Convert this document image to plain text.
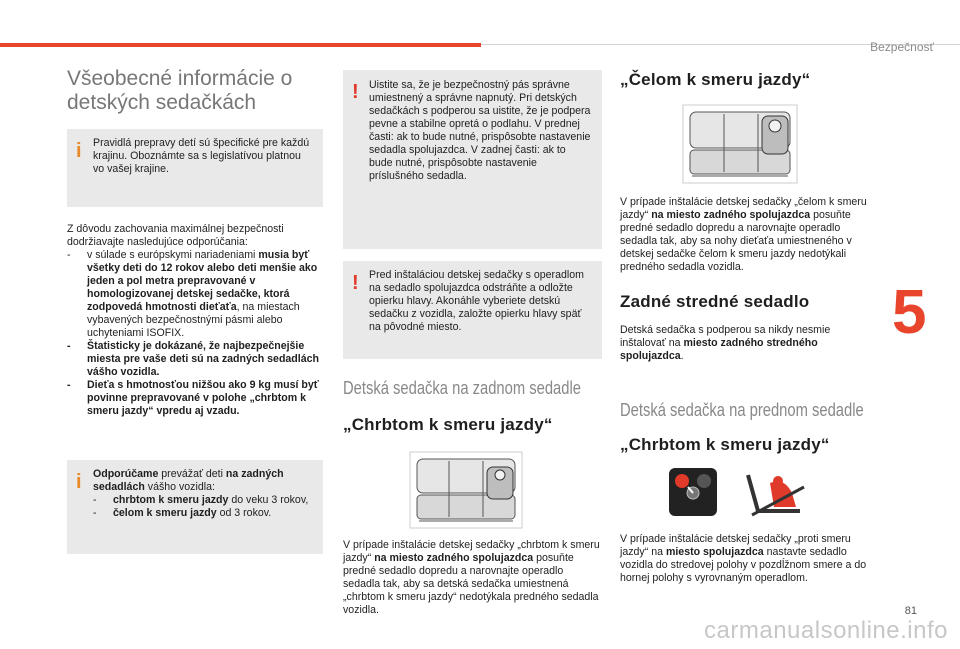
Bezpečnosť
5
81
carmanualsonline.info
Všeobecné informácie o
detských sedačkách
i	Pravidlá prepravy detí sú špecifické pre každú krajinu. Oboznámte sa s legislatívou platnou vo vašej krajine.

Z dôvodu zachovania maximálnej bezpečnosti dodržiavajte nasledujúce odporúčania:

- v súlade s európskymi nariadeniami musia byť všetky deti do 12 rokov alebo deti menšie ako jeden a pol metra prepravované v homologizovanej detskej sedačke, ktorá zodpovedá hmotnosti dieťaťa, na miestach vybavených bezpečnostnými pásmi alebo uchyteniami ISOFIX.
- Štatisticky je dokázané, že najbezpečnejšie miesta pre vaše deti sú na zadných sedadlách vášho vozidla.
- Dieťa s hmotnosťou nižšou ako 9 kg musí byť povinne prepravované v polohe „chrbtom k smeru jazdy“ vpredu aj vzadu.
i	Odporúčame prevážať deti na zadných sedadlách vášho vozidla:
- chrbtom k smeru jazdy do veku 3 rokov,
- čelom k smeru jazdy od 3 rokov.
! Uistite sa, že je bezpečnostný pás správne umiestnený a správne napnutý. Pri detských sedačkách s podperou sa uistite, že je podpera pevne a stabilne opretá o podlahu. V prednej časti: ak to bude nutné, prispôsobte nastavenie sedadla spolujazdca. V zadnej časti: ak to bude nutné, prispôsobte nastavenie príslušného sedadla.
! Pred inštaláciou detskej sedačky s operadlom na sedadlo spolujazdca odstráňte a odložte opierku hlavy. Akonáhle vyberiete detskú sedačku z vozidla, založte opierku hlavy späť na pôvodné miesto.
Detská sedačka na zadnom sedadle
„Chrbtom k smeru jazdy“

V prípade inštalácie detskej sedačky „chrbtom k smeru jazdy“ na miesto zadného spolujazdca posuňte predné sedadlo dopredu a narovnajte operadlo sedadla tak, aby sa detská sedačka umiestnená „chrbtom k smeru jazdy“ nedotýkala predného sedadla vozidla.

„Čelom k smeru jazdy“

V prípade inštalácie detskej sedačky „čelom k smeru jazdy“ na miesto zadného spolujazdca posuňte predné sedadlo dopredu a narovnajte operadlo sedadla tak, aby sa nohy dieťaťa umiestneného v detskej sedačke čelom k smeru jazdy nedotýkali predného sedadla vozidla.

Zadné stredné sedadlo

Detská sedačka s podperou sa nikdy nesmie inštalovať na miesto zadného stredného spolujazdca.

Detská sedačka na prednom sedadle
„Chrbtom k smeru jazdy“

V prípade inštalácie detskej sedačky „proti smeru jazdy“ na miesto spolujazdca nastavte sedadlo vozidla do stredovej polohy v pozdĺžnom smere a do hornej polohy s vyrovnaným operadlom.
